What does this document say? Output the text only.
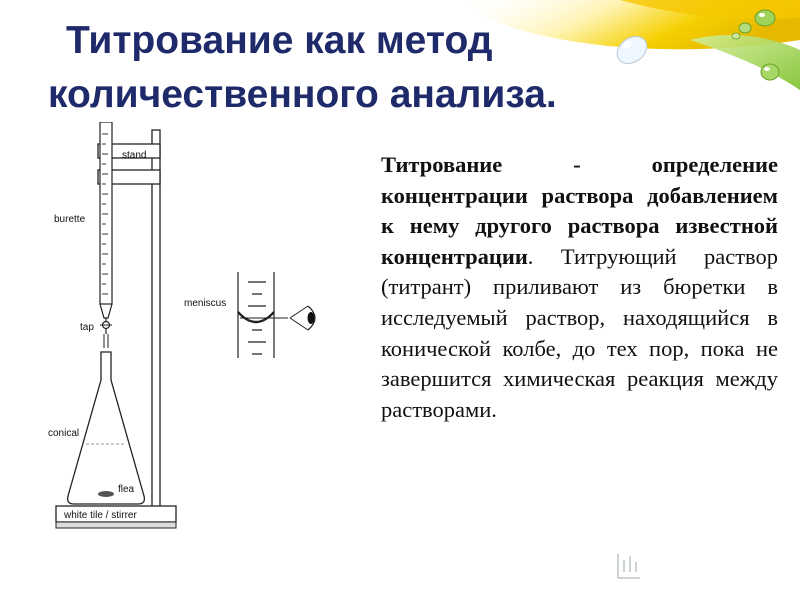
Титрование как метод
количественного анализа.
stand
burette
tap
conical
flea
white tile / stirrer
meniscus

Титрование - определение концентрации раствора добавлением к нему другого раствора известной концентрации. Титрующий раствор (титрант) приливают из бюретки в исследуемый раствор, находящийся в конической колбе, до тех пор, пока не завершится химическая реакция между растворами.
